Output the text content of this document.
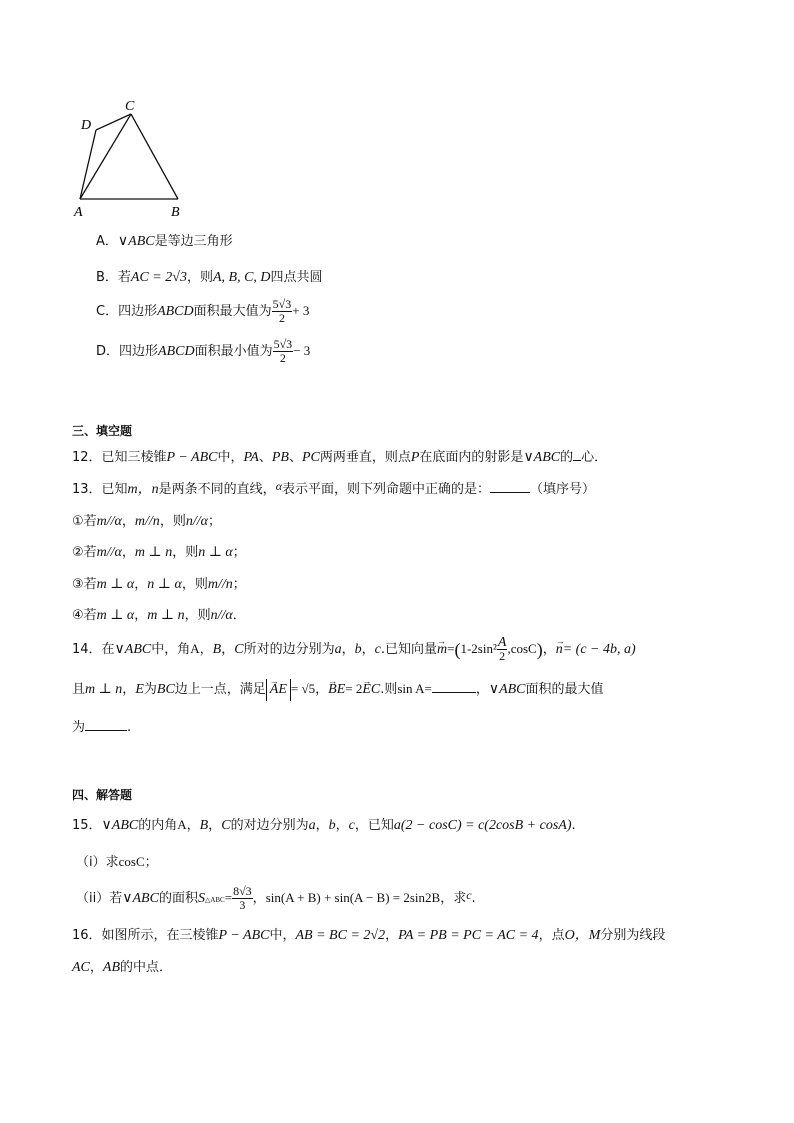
A	B
C
D
A．∨ABC是等边三角形
B．若AC = 2√3，则A, B, C, D四点共圆
C．四边形ABCD面积最大值为 $\frac{5√3}{2} + 3$
D．四边形ABCD面积最小值为 $\frac{5√3}{2} - 3$
三、填空题
12．已知三棱锥P − ABC中，PA、PB、PC两两垂直，则点P在底面内的射影是∨ABC的 心．
13．已知m，n是两条不同的直线，α表示平面，则下列命题中正确的是：	（填序号）
①若m//α，m//n，则n//α；
②若m//α，m ⊥ n，则n ⊥ α；
③若m ⊥ α，n ⊥ α，则m//n；
④若m ⊥ α，m ⊥ n，则n//α．
14．在∨ABC中，角A，B，C所对的边分别为a，b，c.已知向量→ $m=(1-2\sin^2 \frac{A}{2} ,\cos C)$，→ n= (c − 4b, a)
且m ⊥ n，E为BC边上一点，满足→ AE = √5，→ BE= 2→ EC.则sin A=	，∨ABC面积的最大值
为	.
四、解答题
15．∨ABC的内角A，B，C的对边分别为a，b，c，已知a(2 − cosC) = c(2cosB + cosA).
（i）求cosC；
（ii）若∨ABC的面积S△ABC= $\frac{8√3}{3}$ ，sin(A + B) + sin(A − B) = 2sin2B，求c.
16．如图所示，在三棱锥P − ABC中，AB = BC = 2√2，PA = PB = PC = AC = 4，点O，M分别为线段
AC，AB的中点．
